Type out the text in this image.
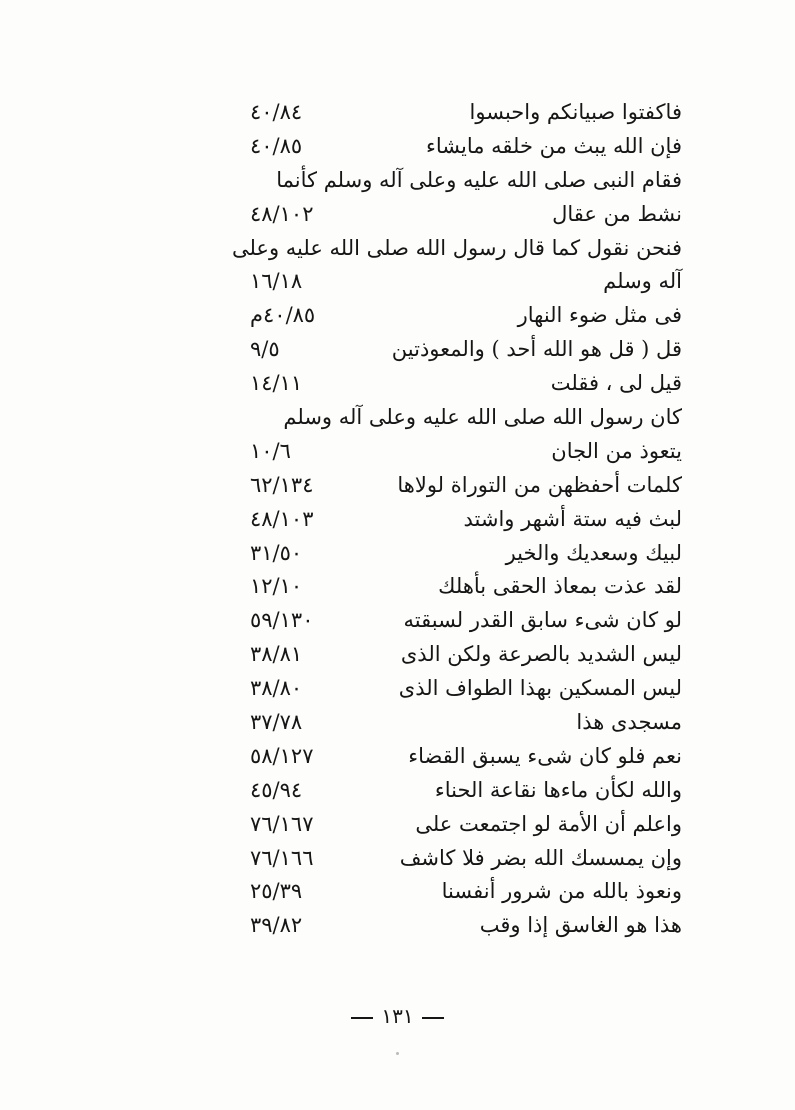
فاكفتوا صبيانكم واحبسوا
٤٠/٨٤
فإن الله يبث من خلقه مايشاء
٤٠/٨٥
فقام النبى صلى الله عليه وعلى آله وسلم كأنما
نشط من عقال
٤٨/١٠٢
فنحن نقول كما قال رسول الله صلى الله عليه وعلى
آله وسلم
١٦/١٨
فى مثل ضوء النهار
٤٠/٨٥م
قل ( قل هو الله أحد ) والمعوذتين
٩/٥
قيل لى ، فقلت
١٤/١١
كان رسول الله صلى الله عليه وعلى آله وسلم
يتعوذ من الجان
١٠/٦
كلمات أحفظهن من التوراة لولاها
٦٢/١٣٤
لبث فيه ستة أشهر واشتد
٤٨/١٠٣
لبيك وسعديك والخير
٣١/٥٠
لقد عذت بمعاذ الحقى بأهلك
١٢/١٠
لو كان شىء سابق القدر لسبقته
٥٩/١٣٠
ليس الشديد بالصرعة ولكن الذى
٣٨/٨١
ليس المسكين بهذا الطواف الذى
٣٨/٨٠
مسجدى هذا
٣٧/٧٨
نعم فلو كان شىء يسبق القضاء
٥٨/١٢٧
والله لكأن ماءها نقاعة الحناء
٤٥/٩٤
واعلم أن الأمة لو اجتمعت على
٧٦/١٦٧
وإن يمسسك الله بضر فلا كاشف
٧٦/١٦٦
ونعوذ بالله من شرور أنفسنا
٢٥/٣٩
هذا هو الغاسق إذا وقب
٣٩/٨٢
١٣١
